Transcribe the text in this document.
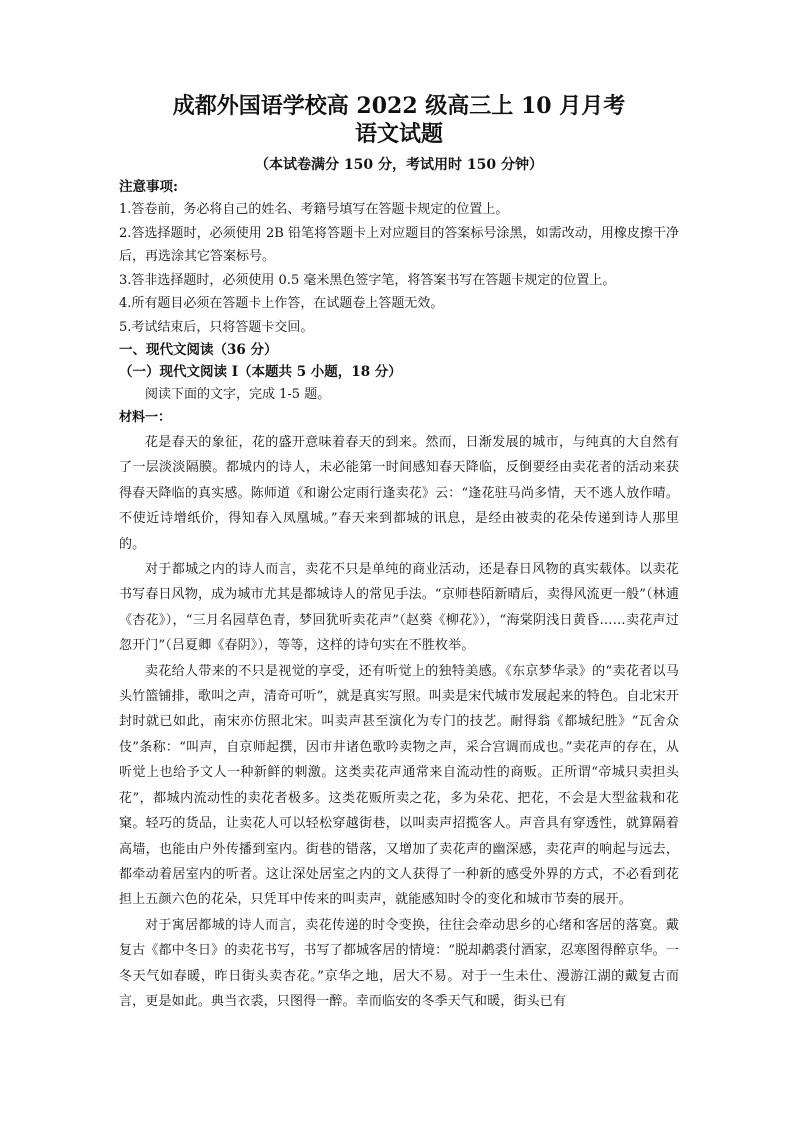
成都外国语学校高 2022 级高三上 10 月月考
语文试题
（本试卷满分 150 分，考试用时 150 分钟）
注意事项:

1.答卷前，务必将自己的姓名、考籍号填写在答题卡规定的位置上。

2.答选择题时，必须使用 2B 铅笔将答题卡上对应题目的答案标号涂黑，如需改动，用橡皮擦干净后，再选涂其它答案标号。

3.答非选择题时，必须使用 0.5 毫米黑色签字笔，将答案书写在答题卡规定的位置上。

4.所有题目必须在答题卡上作答，在试题卷上答题无效。

5.考试结束后，只将答题卡交回。

一、现代文阅读（36 分）
（一）现代文阅读 I（本题共 5 小题，18 分）

阅读下面的文字，完成 1-5 题。

材料一：

花是春天的象征，花的盛开意味着春天的到来。然而，日渐发展的城市，与纯真的大自然有了一层淡淡隔膜。都城内的诗人，未必能第一时间感知春天降临，反倒要经由卖花者的活动来获得春天降临的真实感。陈师道《和谢公定雨行逢卖花》云：“逢花驻马尚多情，天不逃人放作晴。不使近诗增纸价，得知春入凤凰城。”春天来到都城的讯息，是经由被卖的花朵传递到诗人那里的。

对于都城之内的诗人而言，卖花不只是单纯的商业活动，还是春日风物的真实载体。以卖花书写春日风物，成为城市尤其是都城诗人的常见手法。“京师巷陌新晴后，卖得风流更一般”（林逋《杏花》），“三月名园草色青，梦回犹听卖花声”（赵葵《柳花》），“海棠阴浅日黄昏……卖花声过忽开门”（吕夏卿《春阴》），等等，这样的诗句实在不胜枚举。

卖花给人带来的不只是视觉的享受，还有听觉上的独特美感。《东京梦华录》的“卖花者以马头竹篮铺排，歌叫之声，清奇可听”，就是真实写照。叫卖是宋代城市发展起来的特色。自北宋开封时就已如此，南宋亦仿照北宋。叫卖声甚至演化为专门的技艺。耐得翁《都城纪胜》“瓦舍众伎”条称：“叫声，自京师起撰，因市井诸色歌吟卖物之声，采合宫调而成也。”卖花声的存在，从听觉上也给予文人一种新鲜的刺激。这类卖花声通常来自流动性的商贩。正所谓“帝城只卖担头花”，都城内流动性的卖花者极多。这类花贩所卖之花，多为朵花、把花，不会是大型盆栽和花窠。轻巧的货品，让卖花人可以轻松穿越街巷，以叫卖声招揽客人。声音具有穿透性，就算隔着高墙，也能由户外传播到室内。街巷的错落，又增加了卖花声的幽深感，卖花声的响起与远去，都牵动着居室内的听者。这让深处居室之内的文人获得了一种新的感受外界的方式，不必看到花担上五颜六色的花朵，只凭耳中传来的叫卖声，就能感知时令的变化和城市节奏的展开。

对于寓居都城的诗人而言，卖花传递的时令变换，往往会牵动思乡的心绪和客居的落寞。戴复古《都中冬日》的卖花书写，书写了都城客居的情境：“脱却鹔裘付酒家，忍寒图得醉京华。一冬天气如春暖，昨日街头卖杏花。”京华之地，居大不易。对于一生未仕、漫游江湖的戴复古而言，更是如此。典当衣裘，只图得一醉。幸而临安的冬季天气和暖，街头已有
